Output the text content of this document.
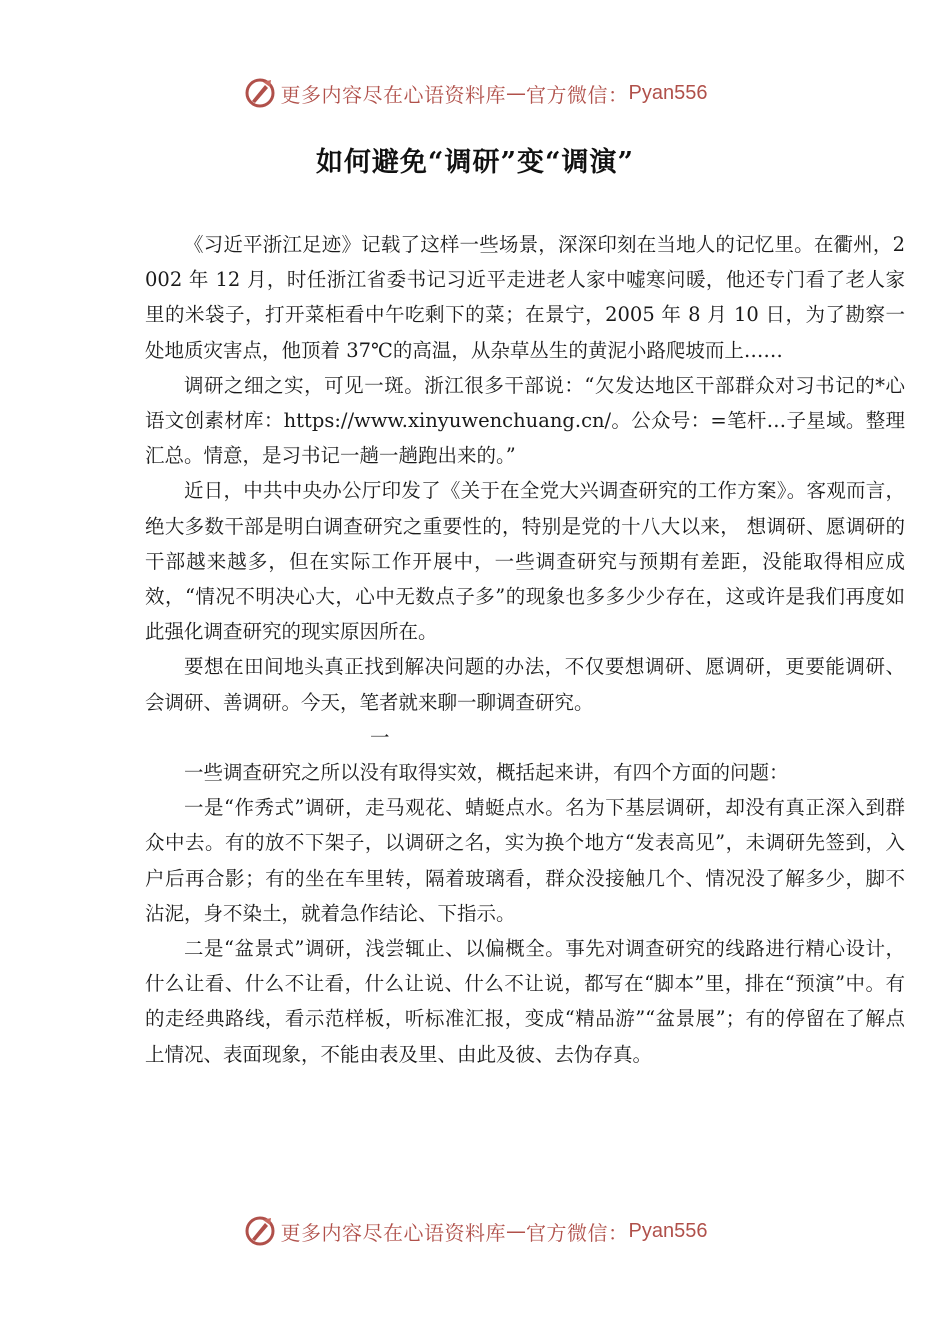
更多内容尽在心语资料库 — 官方微信： Pyan556
如何避免“调研”变“调演”

《习近平浙江足迹》记载了这样一些场景，深深印刻在当地人的记忆里。在衢州，2002 年 12 月，时任浙江省委书记习近平走进老人家中嘘寒问暖，他还专门看了老人家里的米袋子，打开菜柜看中午吃剩下的菜；在景宁，2005 年 8 月 10 日，为了勘察一处地质灾害点，他顶着 37℃的高温，从杂草丛生的黄泥小路爬坡而上……

调研之细之实，可见一斑。浙江很多干部说：“欠发达地区干部群众对习书记的*心语文创素材库：https://www.xinyuwenchuang.cn/。公众号：=笔杆…子星域。整理汇总。情意，是习书记一趟一趟跑出来的。”

近日，中共中央办公厅印发了《关于在全党大兴调查研究的工作方案》。客观而言，绝大多数干部是明白调查研究之重要性的，特别是党的十八大以来， 想调研、愿调研的干部越来越多，但在实际工作开展中，一些调查研究与预期有差距，没能取得相应成效，“情况不明决心大，心中无数点子多”的现象也多多少少存在，这或许是我们再度如此强化调查研究的现实原因所在。

要想在田间地头真正找到解决问题的办法，不仅要想调研、愿调研，更要能调研、会调研、善调研。今天，笔者就来聊一聊调查研究。

一

一些调查研究之所以没有取得实效，概括起来讲，有四个方面的问题：

一是“作秀式”调研，走马观花、蜻蜓点水。名为下基层调研，却没有真正深入到群众中去。有的放不下架子，以调研之名，实为换个地方“发表高见”，未调研先签到，入户后再合影；有的坐在车里转，隔着玻璃看，群众没接触几个、情况没了解多少，脚不沾泥，身不染土，就着急作结论、下指示。

二是“盆景式”调研，浅尝辄止、以偏概全。事先对调查研究的线路进行精心设计，什么让看、什么不让看，什么让说、什么不让说，都写在“脚本”里，排在“预演”中。有的走经典路线，看示范样板，听标准汇报，变成“精品游”“盆景展”；有的停留在了解点上情况、表面现象，不能由表及里、由此及彼、去伪存真。

更多内容尽在心语资料库 — 官方微信： Pyan556
